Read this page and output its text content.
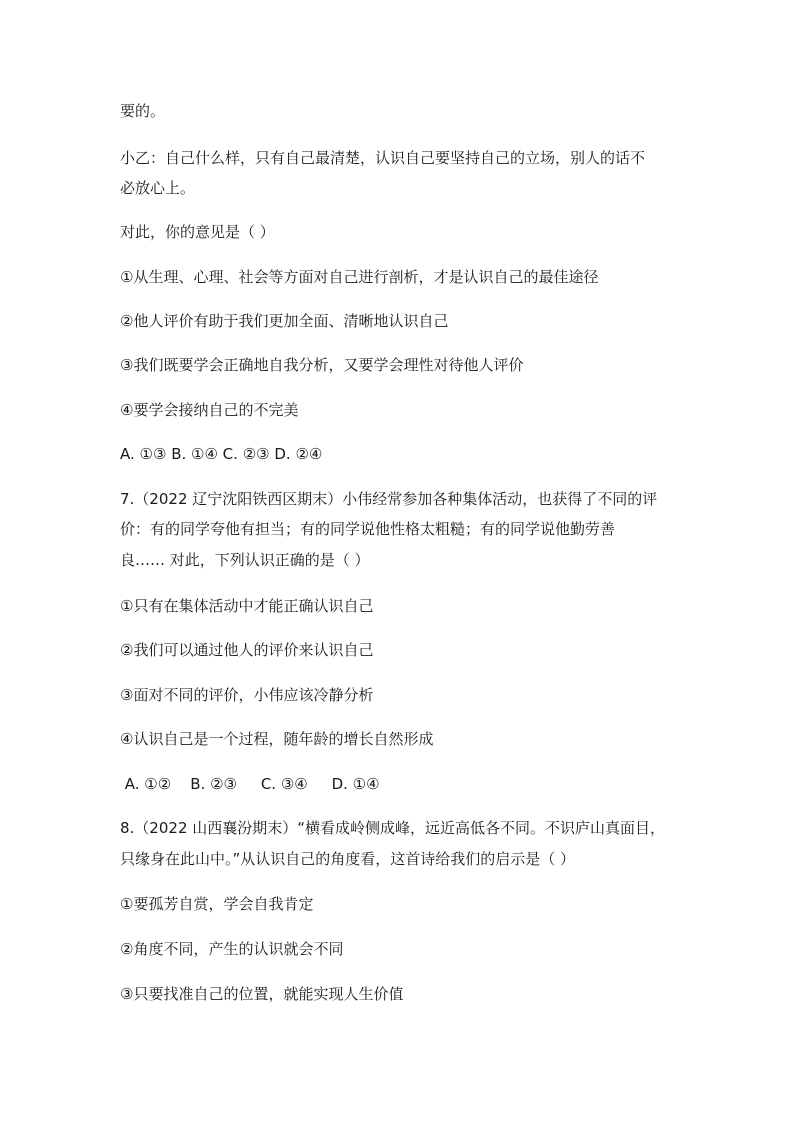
要的。
小乙：自己什么样，只有自己最清楚，认识自己要坚持自己的立场，别人的话不
必放心上。
对此，你的意见是（ ）
①从生理、心理、社会等方面对自己进行剖析，才是认识自己的最佳途径
②他人评价有助于我们更加全面、清晰地认识自己
③我们既要学会正确地自我分析，又要学会理性对待他人评价
④要学会接纳自己的不完美
A. ①③ B. ①④ C. ②③ D. ②④
7.（2022 辽宁沈阳铁西区期末）小伟经常参加各种集体活动，也获得了不同的评
价：有的同学夸他有担当；有的同学说他性格太粗糙；有的同学说他勤劳善
良…… 对此，下列认识正确的是（ ）
①只有在集体活动中才能正确认识自己
②我们可以通过他人的评价来认识自己
③面对不同的评价，小伟应该冷静分析
④认识自己是一个过程，随年龄的增长自然形成
A. ①②    B. ②③     C. ③④     D. ①④
8.（2022 山西襄汾期末）“横看成岭侧成峰，远近高低各不同。不识庐山真面目，
只缘身在此山中。”从认识自己的角度看，这首诗给我们的启示是（ ）
①要孤芳自赏，学会自我肯定
②角度不同，产生的认识就会不同
③只要找准自己的位置，就能实现人生价值
